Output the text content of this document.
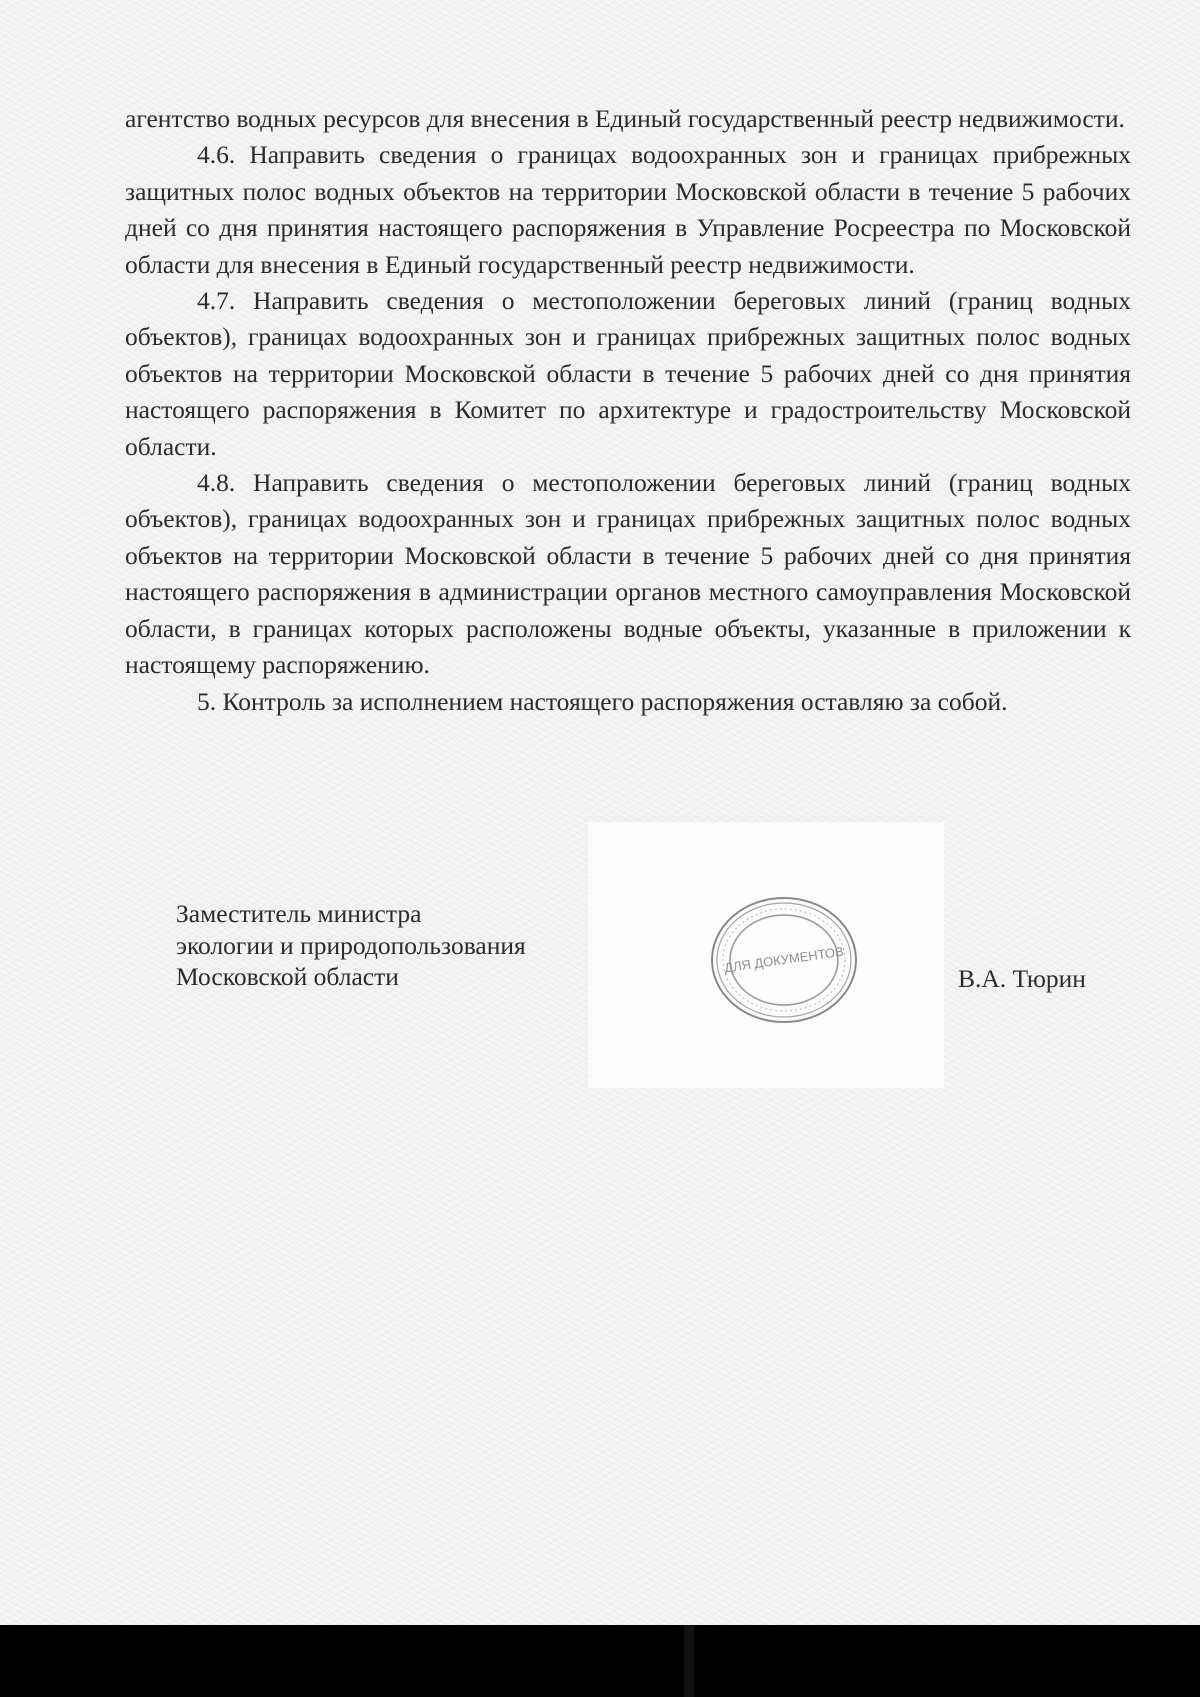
агентство водных ресурсов для внесения в Единый государственный реестр недвижимости.

4.6. Направить сведения о границах водоохранных зон и границах прибрежных защитных полос водных объектов на территории Московской области в течение 5 рабочих дней со дня принятия настоящего распоряжения в Управление Росреестра по Московской области для внесения в Единый государственный реестр недвижимости.

4.7. Направить сведения о местоположении береговых линий (границ водных объектов), границах водоохранных зон и границах прибрежных защитных полос водных объектов на территории Московской области в течение 5 рабочих дней со дня принятия настоящего распоряжения в Комитет по архитектуре и градостроительству Московской области.

4.8. Направить сведения о местоположении береговых линий (границ водных объектов), границах водоохранных зон и границах прибрежных защитных полос водных объектов на территории Московской области в течение 5 рабочих дней со дня принятия настоящего распоряжения в администрации органов местного самоуправления Московской области, в границах которых расположены водные объекты, указанные в приложении к настоящему распоряжению.

5. Контроль за исполнением настоящего распоряжения оставляю за собой.

Заместитель министра
экологии и природопользования
Московской области

ДЛЯ ДОКУМЕНТОВ

В.А. Тюрин
